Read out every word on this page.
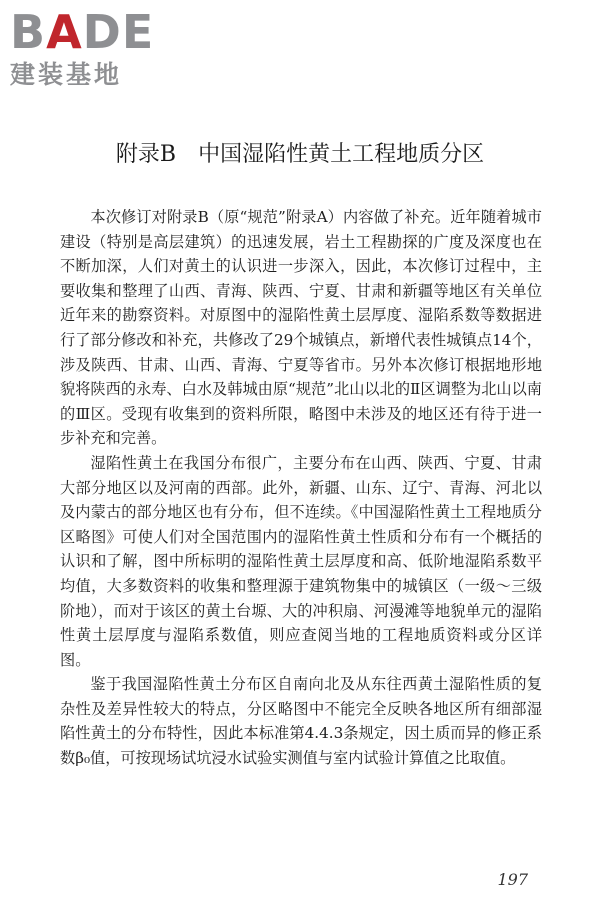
BADE
建装基地
附录B 中国湿陷性黄土工程地质分区

本次修订对附录B（原“规范”附录A）内容做了补充。近年随着城市建设（特别是高层建筑）的迅速发展，岩土工程勘探的广度及深度也在不断加深，人们对黄土的认识进一步深入，因此，本次修订过程中，主要收集和整理了山西、青海、陕西、宁夏、甘肃和新疆等地区有关单位近年来的勘察资料。对原图中的湿陷性黄土层厚度、湿陷系数等数据进行了部分修改和补充，共修改了29个城镇点，新增代表性城镇点14个，涉及陕西、甘肃、山西、青海、宁夏等省市。另外本次修订根据地形地貌将陕西的永寿、白水及韩城由原“规范”北山以北的Ⅱ区调整为北山以南的Ⅲ区。受现有收集到的资料所限，略图中未涉及的地区还有待于进一步补充和完善。

湿陷性黄土在我国分布很广，主要分布在山西、陕西、宁夏、甘肃大部分地区以及河南的西部。此外，新疆、山东、辽宁、青海、河北以及内蒙古的部分地区也有分布，但不连续。《中国湿陷性黄土工程地质分区略图》可使人们对全国范围内的湿陷性黄土性质和分布有一个概括的认识和了解，图中所标明的湿陷性黄土层厚度和高、低阶地湿陷系数平均值，大多数资料的收集和整理源于建筑物集中的城镇区（一级～三级阶地），而对于该区的黄土台塬、大的冲积扇、河漫滩等地貌单元的湿陷性黄土层厚度与湿陷系数值，则应查阅当地的工程地质资料或分区详图。

鉴于我国湿陷性黄土分布区自南向北及从东往西黄土湿陷性质的复杂性及差异性较大的特点，分区略图中不能完全反映各地区所有细部湿陷性黄土的分布特性，因此本标准第4.4.3条规定，因土质而异的修正系数β₀值，可按现场试坑浸水试验实测值与室内试验计算值之比取值。

197
